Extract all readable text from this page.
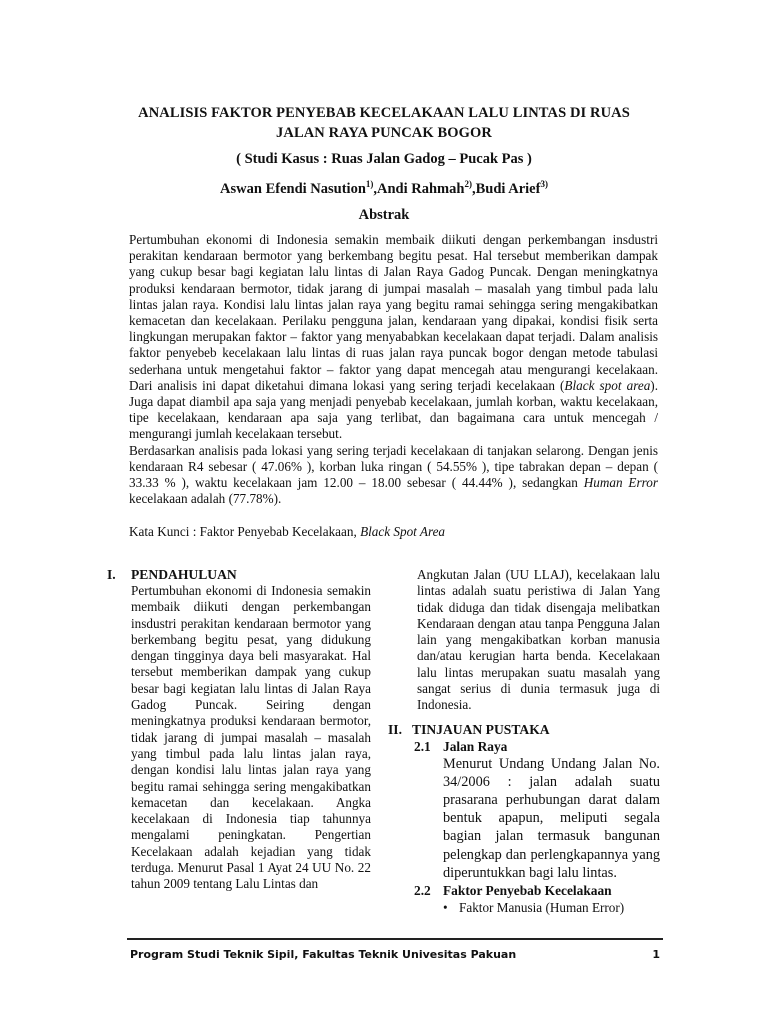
ANALISIS FAKTOR PENYEBAB KECELAKAAN LALU LINTAS DI RUAS
JALAN RAYA PUNCAK BOGOR
( Studi Kasus : Ruas Jalan Gadog – Pucak Pas )
Aswan Efendi Nasution$^{1)}$,Andi Rahmah$^{2)}$,Budi Arief$^{3)}$
Abstrak

Pertumbuhan ekonomi di Indonesia semakin membaik diikuti dengan perkembangan insdustri perakitan kendaraan bermotor yang berkembang begitu pesat. Hal tersebut memberikan dampak yang cukup besar bagi kegiatan lalu lintas di Jalan Raya Gadog Puncak. Dengan meningkatnya produksi kendaraan bermotor, tidak jarang di jumpai masalah – masalah yang timbul pada lalu lintas jalan raya. Kondisi lalu lintas jalan raya yang begitu ramai sehingga sering mengakibatkan kemacetan dan kecelakaan. Perilaku pengguna jalan, kendaraan yang dipakai, kondisi fisik serta lingkungan merupakan faktor – faktor yang menyababkan kecelakaan dapat terjadi. Dalam analisis faktor penyebeb kecelakaan lalu lintas di ruas jalan raya puncak bogor dengan metode tabulasi sederhana untuk mengetahui faktor – faktor yang dapat mencegah atau mengurangi kecelakaan. Dari analisis ini dapat diketahui dimana lokasi yang sering terjadi kecelakaan (Black spot area). Juga dapat diambil apa saja yang menjadi penyebab kecelakaan, jumlah korban, waktu kecelakaan, tipe kecelakaan, kendaraan apa saja yang terlibat, dan bagaimana cara untuk mencegah / mengurangi jumlah kecelakaan tersebut.

Berdasarkan analisis pada lokasi yang sering terjadi kecelakaan di tanjakan selarong. Dengan jenis kendaraan R4 sebesar ( 47.06% ), korban luka ringan ( 54.55% ), tipe tabrakan depan – depan ( 33.33 % ), waktu kecelakaan jam 12.00 – 18.00 sebesar ( 44.44% ), sedangkan Human Error kecelakaan adalah (77.78%).

Kata Kunci : Faktor Penyebab Kecelakaan, Black Spot Area
I.	PENDAHULUAN
Pertumbuhan ekonomi di Indonesia semakin membaik diikuti dengan perkembangan insdustri perakitan kendaraan bermotor yang berkembang begitu pesat, yang didukung dengan tingginya daya beli masyarakat. Hal tersebut memberikan dampak yang cukup besar bagi kegiatan lalu lintas di Jalan Raya Gadog Puncak. Seiring dengan meningkatnya produksi kendaraan bermotor, tidak jarang di jumpai masalah – masalah yang timbul pada lalu lintas jalan raya, dengan kondisi lalu lintas jalan raya yang begitu ramai sehingga sering mengakibatkan kemacetan dan kecelakaan. Angka kecelakaan di Indonesia tiap tahunnya mengalami peningkatan. Pengertian Kecelakaan adalah kejadian yang tidak terduga. Menurut Pasal 1 Ayat 24 UU No. 22 tahun 2009 tentang Lalu Lintas dan
Angkutan Jalan (UU LLAJ), kecelakaan lalu lintas adalah suatu peristiwa di Jalan Yang tidak diduga dan tidak disengaja melibatkan Kendaraan dengan atau tanpa Pengguna Jalan lain yang mengakibatkan korban manusia dan/atau kerugian harta benda. Kecelakaan lalu lintas merupakan suatu masalah yang sangat serius di dunia termasuk juga di Indonesia.
II. TINJAUAN PUSTAKA
2.1 Jalan Raya
Menurut Undang Undang Jalan No. 34/2006 : jalan adalah suatu prasarana perhubungan darat dalam bentuk apapun, meliputi segala bagian jalan termasuk bangunan pelengkap dan perlengkapannya yang diperuntukkan bagi lalu lintas.
2.2 Faktor Penyebab Kecelakaan
• Faktor Manusia (Human Error)
Program Studi Teknik Sipil, Fakultas Teknik Univesitas Pakuan	1
